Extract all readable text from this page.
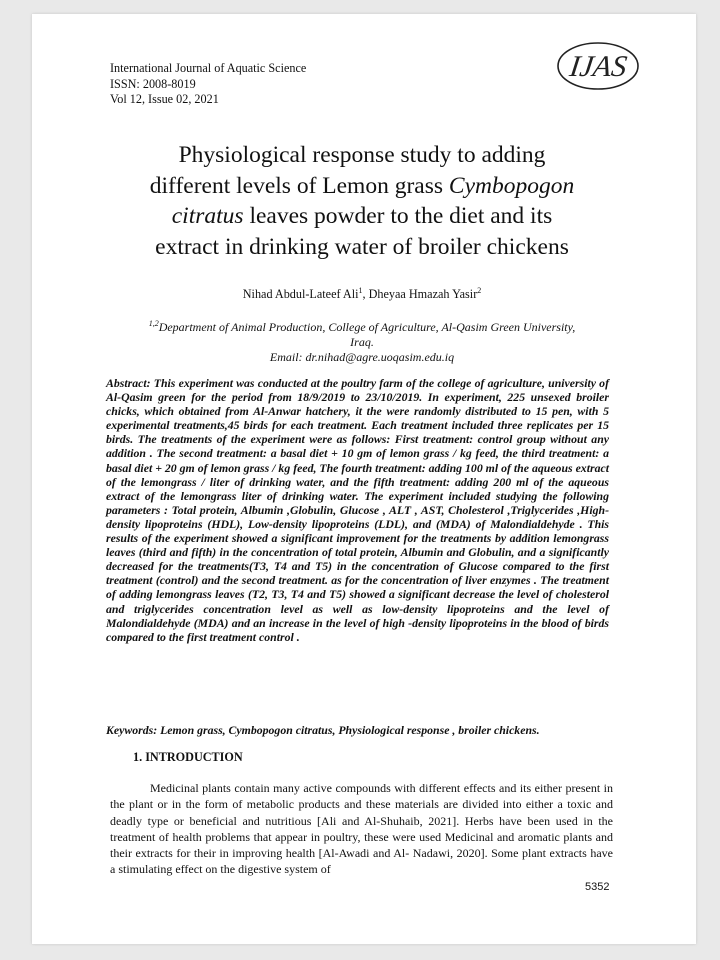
International Journal of Aquatic Science
ISSN: 2008-8019
Vol 12, Issue 02, 2021
IJAS
Physiological response study to adding
different levels of Lemon grass Cymbopogon
citratus leaves powder to the diet and its
extract in drinking water of broiler chickens
Nihad Abdul-Lateef Ali$^1$, Dheyaa Hmazah Yasir$^2$
$^{1,2}$Department of Animal Production, College of Agriculture, Al-Qasim Green University,
Iraq.
Email: dr.nihad@agre.uoqasim.edu.iq
Abstract: This experiment was conducted at the poultry farm of the college of agriculture, university of Al-Qasim green for the period from 18/9/2019 to 23/10/2019. In experiment, 225 unsexed broiler chicks, which obtained from Al-Anwar hatchery, it the were randomly distributed to 15 pen, with 5 experimental treatments,45 birds for each treatment. Each treatment included three replicates per 15 birds. The treatments of the experiment were as follows: First treatment: control group without any addition . The second treatment: a basal diet + 10 gm of lemon grass / kg feed, the third treatment: a basal diet + 20 gm of lemon grass / kg feed, The fourth treatment: adding 100 ml of the aqueous extract of the lemongrass / liter of drinking water, and the fifth treatment: adding 200 ml of the aqueous extract of the lemongrass liter of drinking water. The experiment included studying the following parameters : Total protein, Albumin ,Globulin, Glucose , ALT , AST, Cholesterol ,Triglycerides ,High-density lipoproteins (HDL), Low-density lipoproteins (LDL), and (MDA) of Malondialdehyde . This results of the experiment showed a significant improvement for the treatments by addition lemongrass leaves (third and fifth) in the concentration of total protein, Albumin and Globulin, and a significantly decreased for the treatments(T3, T4 and T5) in the concentration of Glucose compared to the first treatment (control) and the second treatment. as for the concentration of liver enzymes . The treatment of adding lemongrass leaves (T2, T3, T4 and T5) showed a significant decrease the level of cholesterol and triglycerides concentration level as well as low-density lipoproteins and the level of Malondialdehyde (MDA) and an increase in the level of high -density lipoproteins in the blood of birds compared to the first treatment control .
Keywords: Lemon grass, Cymbopogon citratus, Physiological response , broiler chickens.
1. INTRODUCTION
Medicinal plants contain many active compounds with different effects and its either present in the plant or in the form of metabolic products and these materials are divided into either a toxic and deadly type or beneficial and nutritious [Ali and Al-Shuhaib, 2021]. Herbs have been used in the treatment of health problems that appear in poultry, these were used Medicinal and aromatic plants and their extracts for their in improving health [Al-Awadi and Al- Nadawi, 2020]. Some plant extracts have a stimulating effect on the digestive system of
5352
